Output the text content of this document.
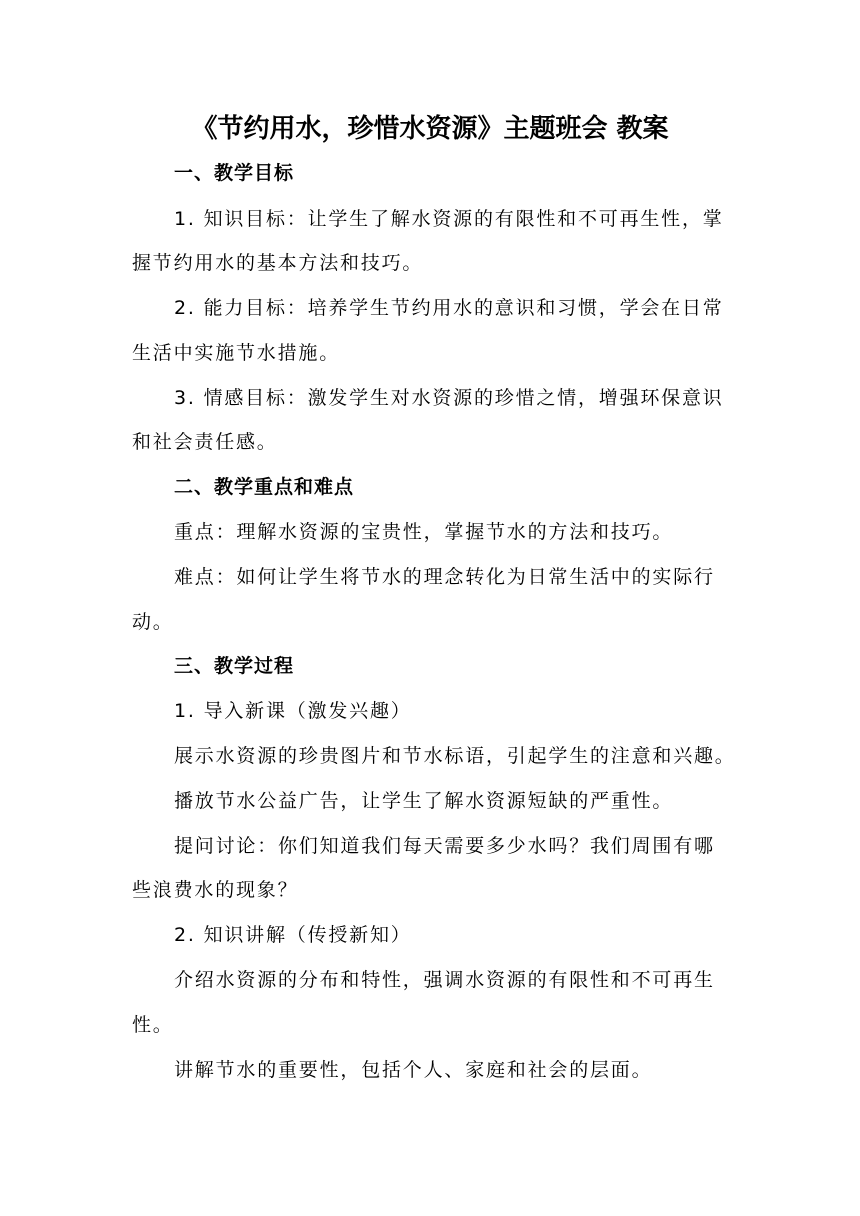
《节约用水，珍惜水资源》主题班会 教案
一、教学目标
1. 知识目标：让学生了解水资源的有限性和不可再生性，掌
握节约用水的基本方法和技巧。
2. 能力目标：培养学生节约用水的意识和习惯，学会在日常
生活中实施节水措施。
3. 情感目标：激发学生对水资源的珍惜之情，增强环保意识
和社会责任感。
二、教学重点和难点
重点：理解水资源的宝贵性，掌握节水的方法和技巧。
难点：如何让学生将节水的理念转化为日常生活中的实际行
动。
三、教学过程
1. 导入新课（激发兴趣）
展示水资源的珍贵图片和节水标语，引起学生的注意和兴趣。
播放节水公益广告，让学生了解水资源短缺的严重性。
提问讨论：你们知道我们每天需要多少水吗？我们周围有哪
些浪费水的现象？
2. 知识讲解（传授新知）
介绍水资源的分布和特性，强调水资源的有限性和不可再生
性。
讲解节水的重要性，包括个人、家庭和社会的层面。
